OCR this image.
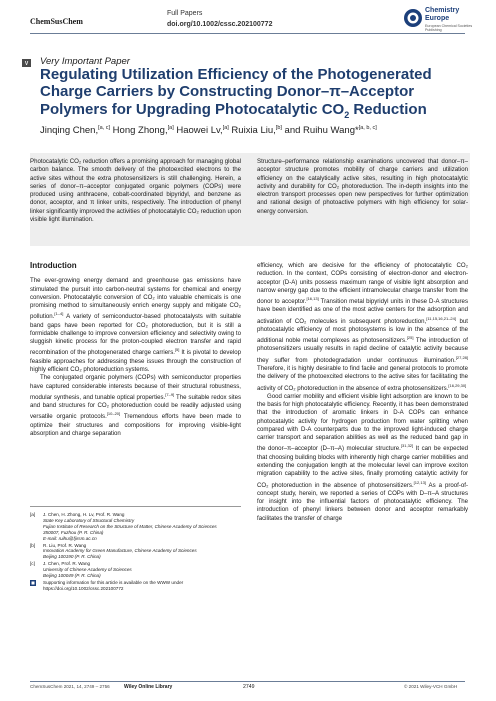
ChemSusChem
Full Papers
doi.org/10.1002/cssc.202100772
Chemistry
Europe
European Chemical Societies Publishing
V Very Important Paper
Regulating Utilization Efficiency of the Photogenerated Charge Carriers by Constructing Donor–π–Acceptor Polymers for Upgrading Photocatalytic $CO_2$ Reduction
Jinqing Chen,[a, c] Hong Zhong,[a] Haowei Lv,[a] Ruixia Liu,[b] and Ruihu Wang*[a, b, c]
Photocatalytic CO₂ reduction offers a promising approach for managing global carbon balance. The smooth delivery of the photoexcited electrons to the active sites without the extra photosensitizers is still challenging. Herein, a series of donor–π–acceptor conjugated organic polymers (COPs) were produced using anthracene, cobalt-coordinated bipyridyl, and benzene as donor, acceptor, and π linker units, respectively. The introduction of phenyl linker significantly improved the activities of photocatalytic CO₂ reduction upon visible light illumination.
Structure–performance relationship examinations uncovered that donor–π–acceptor structure promotes mobility of charge carriers and utilization efficiency on the catalytically active sites, resulting in high photocatalytic activity and durability for CO₂ photoreduction. The in-depth insights into the electron transport processes open new perspectives for further optimization and rational design of photoactive polymers with high efficiency for solar-energy conversion.
Introduction

The ever-growing energy demand and greenhouse gas emissions have stimulated the pursuit into carbon-neutral systems for chemical and energy conversion. Photocatalytic conversion of CO₂ into valuable chemicals is one promising method to simultaneously enrich energy supply and mitigate CO₂ pollution.[1–4] A variety of semiconductor-based photocatalysts with suitable band gaps have been reported for CO₂ photoreduction, but it is still a formidable challenge to improve conversion efficiency and selectivity owing to sluggish kinetic process for the proton-coupled electron transfer and rapid recombination of the photogenerated charge carriers.[5] It is pivotal to develop feasible approaches for addressing these issues through the construction of highly efficient CO₂ photoreduction systems.

The conjugated organic polymers (COPs) with semiconductor properties have captured considerable interests because of their structural robustness, modular synthesis, and tunable optical properties.[7–9] The suitable redox sites and band structures for CO₂ photoreduction could be readily adjusted using versatile organic protocols.[10–20] Tremendous efforts have been made to optimize their structures and compositions for improving visible-light absorption and charge separation

efficiency, which are decisive for the efficiency of photocatalytic CO₂ reduction. In the context, COPs consisting of electron-donor and electron-acceptor (D-A) units possess maximum range of visible light absorption and narrow energy gap due to the efficient intramolecular charge transfer from the donor to acceptor.[16,13] Transition metal bipyridyl units in these D-A structures have been identified as one of the most active centers for the adsorption and activation of CO₂ molecules in subsequent photoreduction,[11,15,16,21–24] but photocatalytic efficiency of most photosystems is low in the absence of the additional noble metal complexes as photosensitizers.[25] The introduction of photosensitizers usually results in rapid decline of catalytic activity because they suffer from photodegradation under continuous illumination.[27,28] Therefore, it is highly desirable to find facile and general protocols to promote the delivery of the photoexcited electrons to the active sites for facilitating the activity of CO₂ photoreduction in the absence of extra photosensitizers.[16,29,30]

Good carrier mobility and efficient visible light adsorption are known to be the basis for high photocatalytic efficiency. Recently, it has been demonstrated that the introduction of aromatic linkers in D-A COPs can enhance photocatalytic activity for hydrogen production from water splitting when compared with D-A counterparts due to the improved light-induced charge carrier transport and separation abilities as well as the reduced band gap in the donor–π–acceptor (D–π–A) molecular structure.[31,32] It can be expected that choosing building blocks with inherently high charge carrier mobilities and extending the conjugation length at the molecular level can improve exciton migration capability to the active sites, finally promoting catalytic activity for CO₂ photoreduction in the absence of photosensitizers.[12,13] As a proof-of-concept study, herein, we reported a series of COPs with D–π–A structures for insight into the influential factors of photocatalytic efficiency. The introduction of phenyl linkers between donor and acceptor remarkably facilitates the transfer of charge

[a] J. Chen, H. Zhong, H. Lv, Prof. R. Wang
State Key Laboratory of Structural Chemistry
Fujian Institute of Research on the Structure of Matter, Chinese Academy of Sciences
350007, Fuzhou (P. R. China)
E-mail: ruihu@fjirsm.ac.cn
[b] R. Liu, Prof. R. Wang
Innovation Academy for Green Manufacture, Chinese Academy of Sciences
Beijing 100190 (P. R. China)
[c] J. Chen, Prof. R. Wang
University of Chinese Academy of Sciences
Beijing 100049 (P. R. China)
Supporting information for this article is available on the WWW under https://doi.org/10.1002/cssc.202100772
ChemSusChem 2021, 14, 2749 – 2756	Wiley Online Library	2749	© 2021 Wiley-VCH GmbH
